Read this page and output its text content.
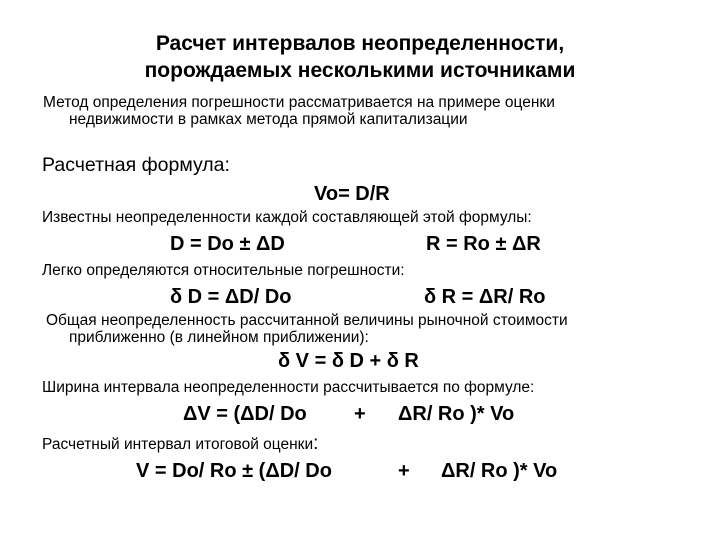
Расчет интервалов неопределенности,
порождаемых несколькими источниками
Метод определения погрешности рассматривается на примере оценки
недвижимости в рамках метода прямой капитализации
Расчетная формула:
Vo= D/R
Известны неопределенности каждой составляющей этой формулы:
D = Do ± ΔD	R = Ro ± ΔR
Легко определяются относительные погрешности:
δ D = ΔD/ Do	δ R = ΔR/ Ro
Общая неопределенность рассчитанной величины рыночной стоимости
приближенно (в линейном приближении):
δ V = δ D + δ R
Ширина интервала неопределенности рассчитывается по формуле:
ΔV = (ΔD/ Do + ΔR/ Ro )* Vo
Расчетный интервал итоговой оценки:
V = Do/ Ro ± (ΔD/ Do	+ ΔR/ Ro )* Vo
